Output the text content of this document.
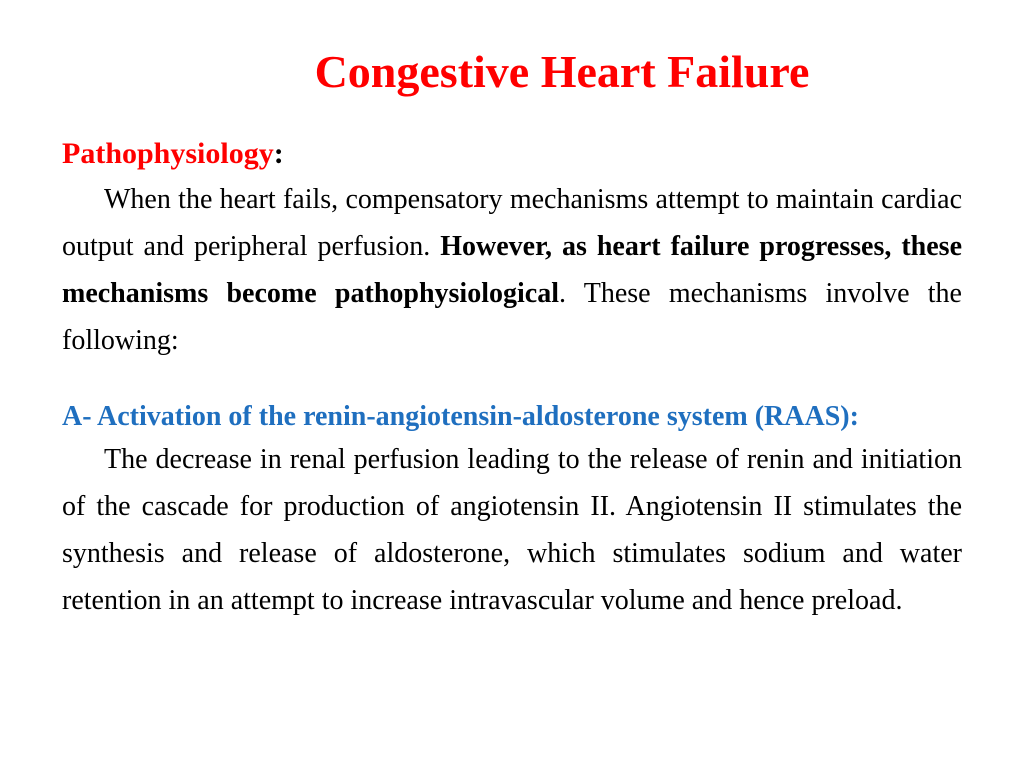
Congestive Heart Failure

Pathophysiology:

When the heart fails, compensatory mechanisms attempt to maintain cardiac output and peripheral perfusion. However, as heart failure progresses, these mechanisms become pathophysiological. These mechanisms involve the following:

A- Activation of the renin-angiotensin-aldosterone system (RAAS):

The decrease in renal perfusion leading to the release of renin and initiation of the cascade for production of angiotensin II. Angiotensin II stimulates the synthesis and release of aldosterone, which stimulates sodium and water retention in an attempt to increase intravascular volume and hence preload.
